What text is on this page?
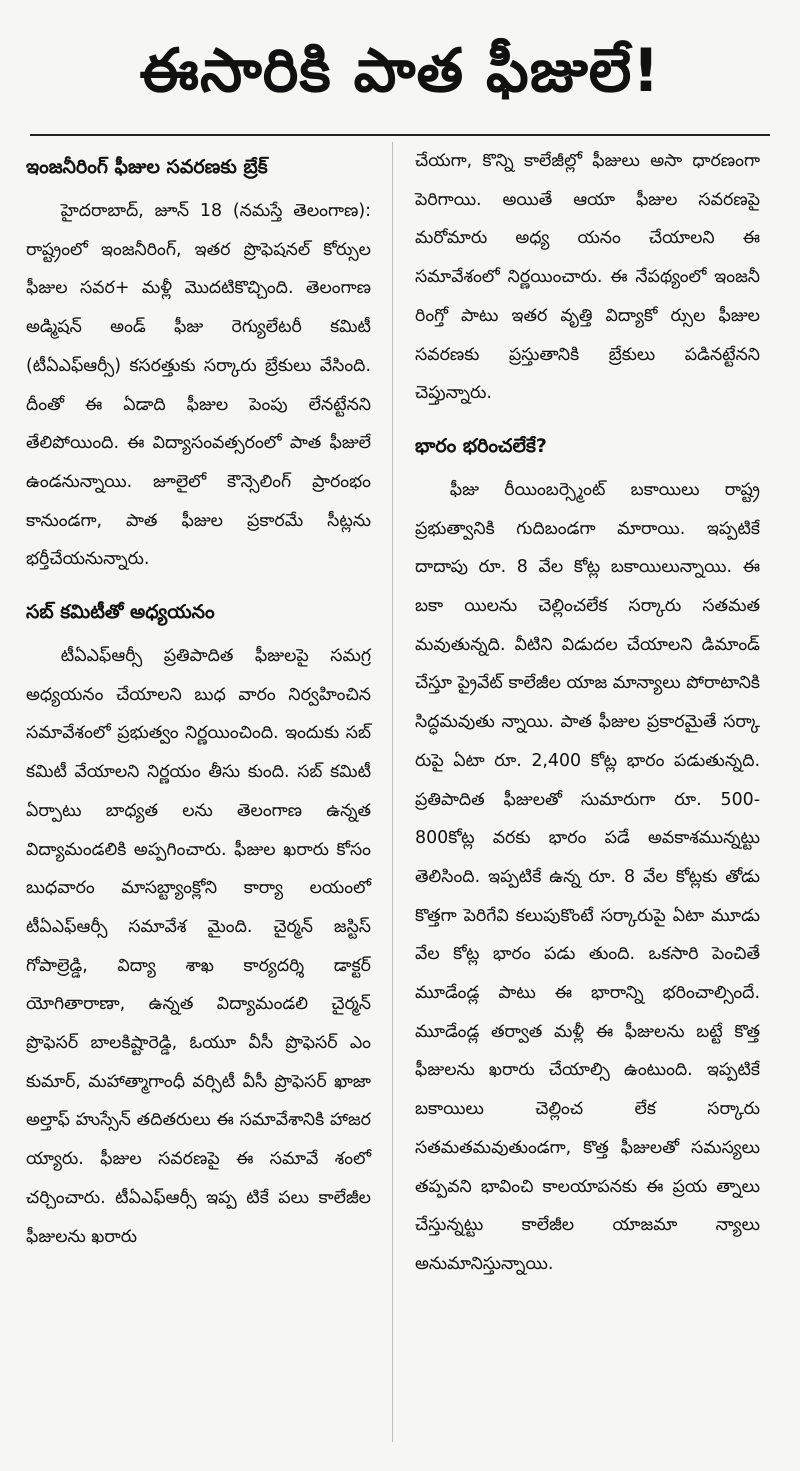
ఈసారికి పాత ఫీజులే!
ఇంజనీరింగ్ ఫీజుల సవరణకు బ్రేక్

హైదరాబాద్, జూన్ 18 (నమస్తే తెలంగాణ): రాష్ట్రంలో ఇంజనీరింగ్, ఇతర ప్రొఫెషనల్ కోర్సుల ఫీజుల సవర+ మళ్లీ మొదటికొచ్చింది. తెలంగాణ అడ్మిషన్ అండ్ ఫీజు రెగ్యులేటరీ కమిటీ (టీఏఎఫ్ఆర్సీ) కసరత్తుకు సర్కారు బ్రేకులు వేసింది. దీంతో ఈ ఏడాది ఫీజుల పెంపు లేనట్టేనని తేలిపోయింది. ఈ విద్యాసంవత్సరంలో పాత ఫీజులే ఉండనున్నాయి. జూలైలో కౌన్సెలింగ్ ప్రారంభం కానుండగా, పాత ఫీజుల ప్రకారమే సీట్లను భర్తీచేయనున్నారు.

సబ్ కమిటీతో అధ్యయనం

టీఏఎఫ్ఆర్సీ ప్రతిపాదిత ఫీజులపై సమగ్ర అధ్యయనం చేయాలని బుధ వారం నిర్వహించిన సమావేశంలో ప్రభుత్వం నిర్ణయించింది. ఇందుకు సబ్ కమిటీ వేయాలని నిర్ణయం తీసు కుంది. సబ్ కమిటీ ఏర్పాటు బాధ్యత లను తెలంగాణ ఉన్నత విద్యామండలికి అప్పగించారు. ఫీజుల ఖరారు కోసం బుధవారం మాసబ్ట్యాంక్లోని కార్యా లయంలో టీఏఎఫ్ఆర్సీ సమావేశ మైంది. చైర్మన్ జస్టిస్ గోపాల్రెడ్డి, విద్యా శాఖ కార్యదర్శి డాక్టర్ యోగితారాణా, ఉన్నత విద్యామండలి చైర్మన్ ప్రొఫెసర్ బాలకిష్టారెడ్డి, ఓయూ వీసీ ప్రొఫెసర్ ఎం కుమార్, మహాత్మాగాంధీ వర్సిటీ వీసీ ప్రొఫెసర్ ఖాజా అల్తాఫ్ హుస్సేన్ తదితరులు ఈ సమావేశానికి హాజర య్యారు. ఫీజుల సవరణపై ఈ సమావే శంలో చర్చించారు. టీఏఎఫ్ఆర్సీ ఇప్ప టికే పలు కాలేజీల ఫీజులను ఖరారు

చేయగా, కొన్ని కాలేజీల్లో ఫీజులు అసా ధారణంగా పెరిగాయి. అయితే ఆయా ఫీజుల సవరణపై మరోమారు అధ్య యనం చేయాలని ఈ సమావేశంలో నిర్ణయించారు. ఈ నేపథ్యంలో ఇంజనీ రింగ్తో పాటు ఇతర వృత్తి విద్యాకో ర్సుల ఫీజుల సవరణకు ప్రస్తుతానికి బ్రేకులు పడినట్టేనని చెప్తున్నారు.

భారం భరించలేకే?

ఫీజు రీయింబర్స్మెంట్ బకాయిలు రాష్ట్ర ప్రభుత్వానికి గుదిబండగా మారాయి. ఇప్పటికే దాదాపు రూ. 8 వేల కోట్ల బకాయిలున్నాయి. ఈ బకా యిలను చెల్లించలేక సర్కారు సతమత మవుతున్నది. వీటిని విడుదల చేయాలని డిమాండ్ చేస్తూ ప్రైవేట్ కాలేజీల యాజ మాన్యాలు పోరాటానికి సిద్ధమవుతు న్నాయి. పాత ఫీజుల ప్రకారమైతే సర్కా రుపై ఏటా రూ. 2,400 కోట్ల భారం పడుతున్నది. ప్రతిపాదిత ఫీజులతో సుమారుగా రూ. 500-800కోట్ల వరకు భారం పడే అవకాశమున్నట్టు తెలిసింది. ఇప్పటికే ఉన్న రూ. 8 వేల కోట్లకు తోడు కొత్తగా పెరిగేవి కలుపుకొంటే సర్కారుపై ఏటా మూడు వేల కోట్ల భారం పడు తుంది. ఒకసారి పెంచితే మూడేండ్ల పాటు ఈ భారాన్ని భరించాల్సిందే. మూడేండ్ల తర్వాత మళ్లీ ఈ ఫీజులను బట్టే కొత్త ఫీజులను ఖరారు చేయాల్సి ఉంటుంది. ఇప్పటికే బకాయిలు చెల్లించ లేక సర్కారు సతమతమవుతుండగా, కొత్త ఫీజులతో సమస్యలు తప్పవని భావించి కాలయాపనకు ఈ ప్రయ త్నాలు చేస్తున్నట్టు కాలేజీల యాజమా న్యాలు అనుమానిస్తున్నాయి.
